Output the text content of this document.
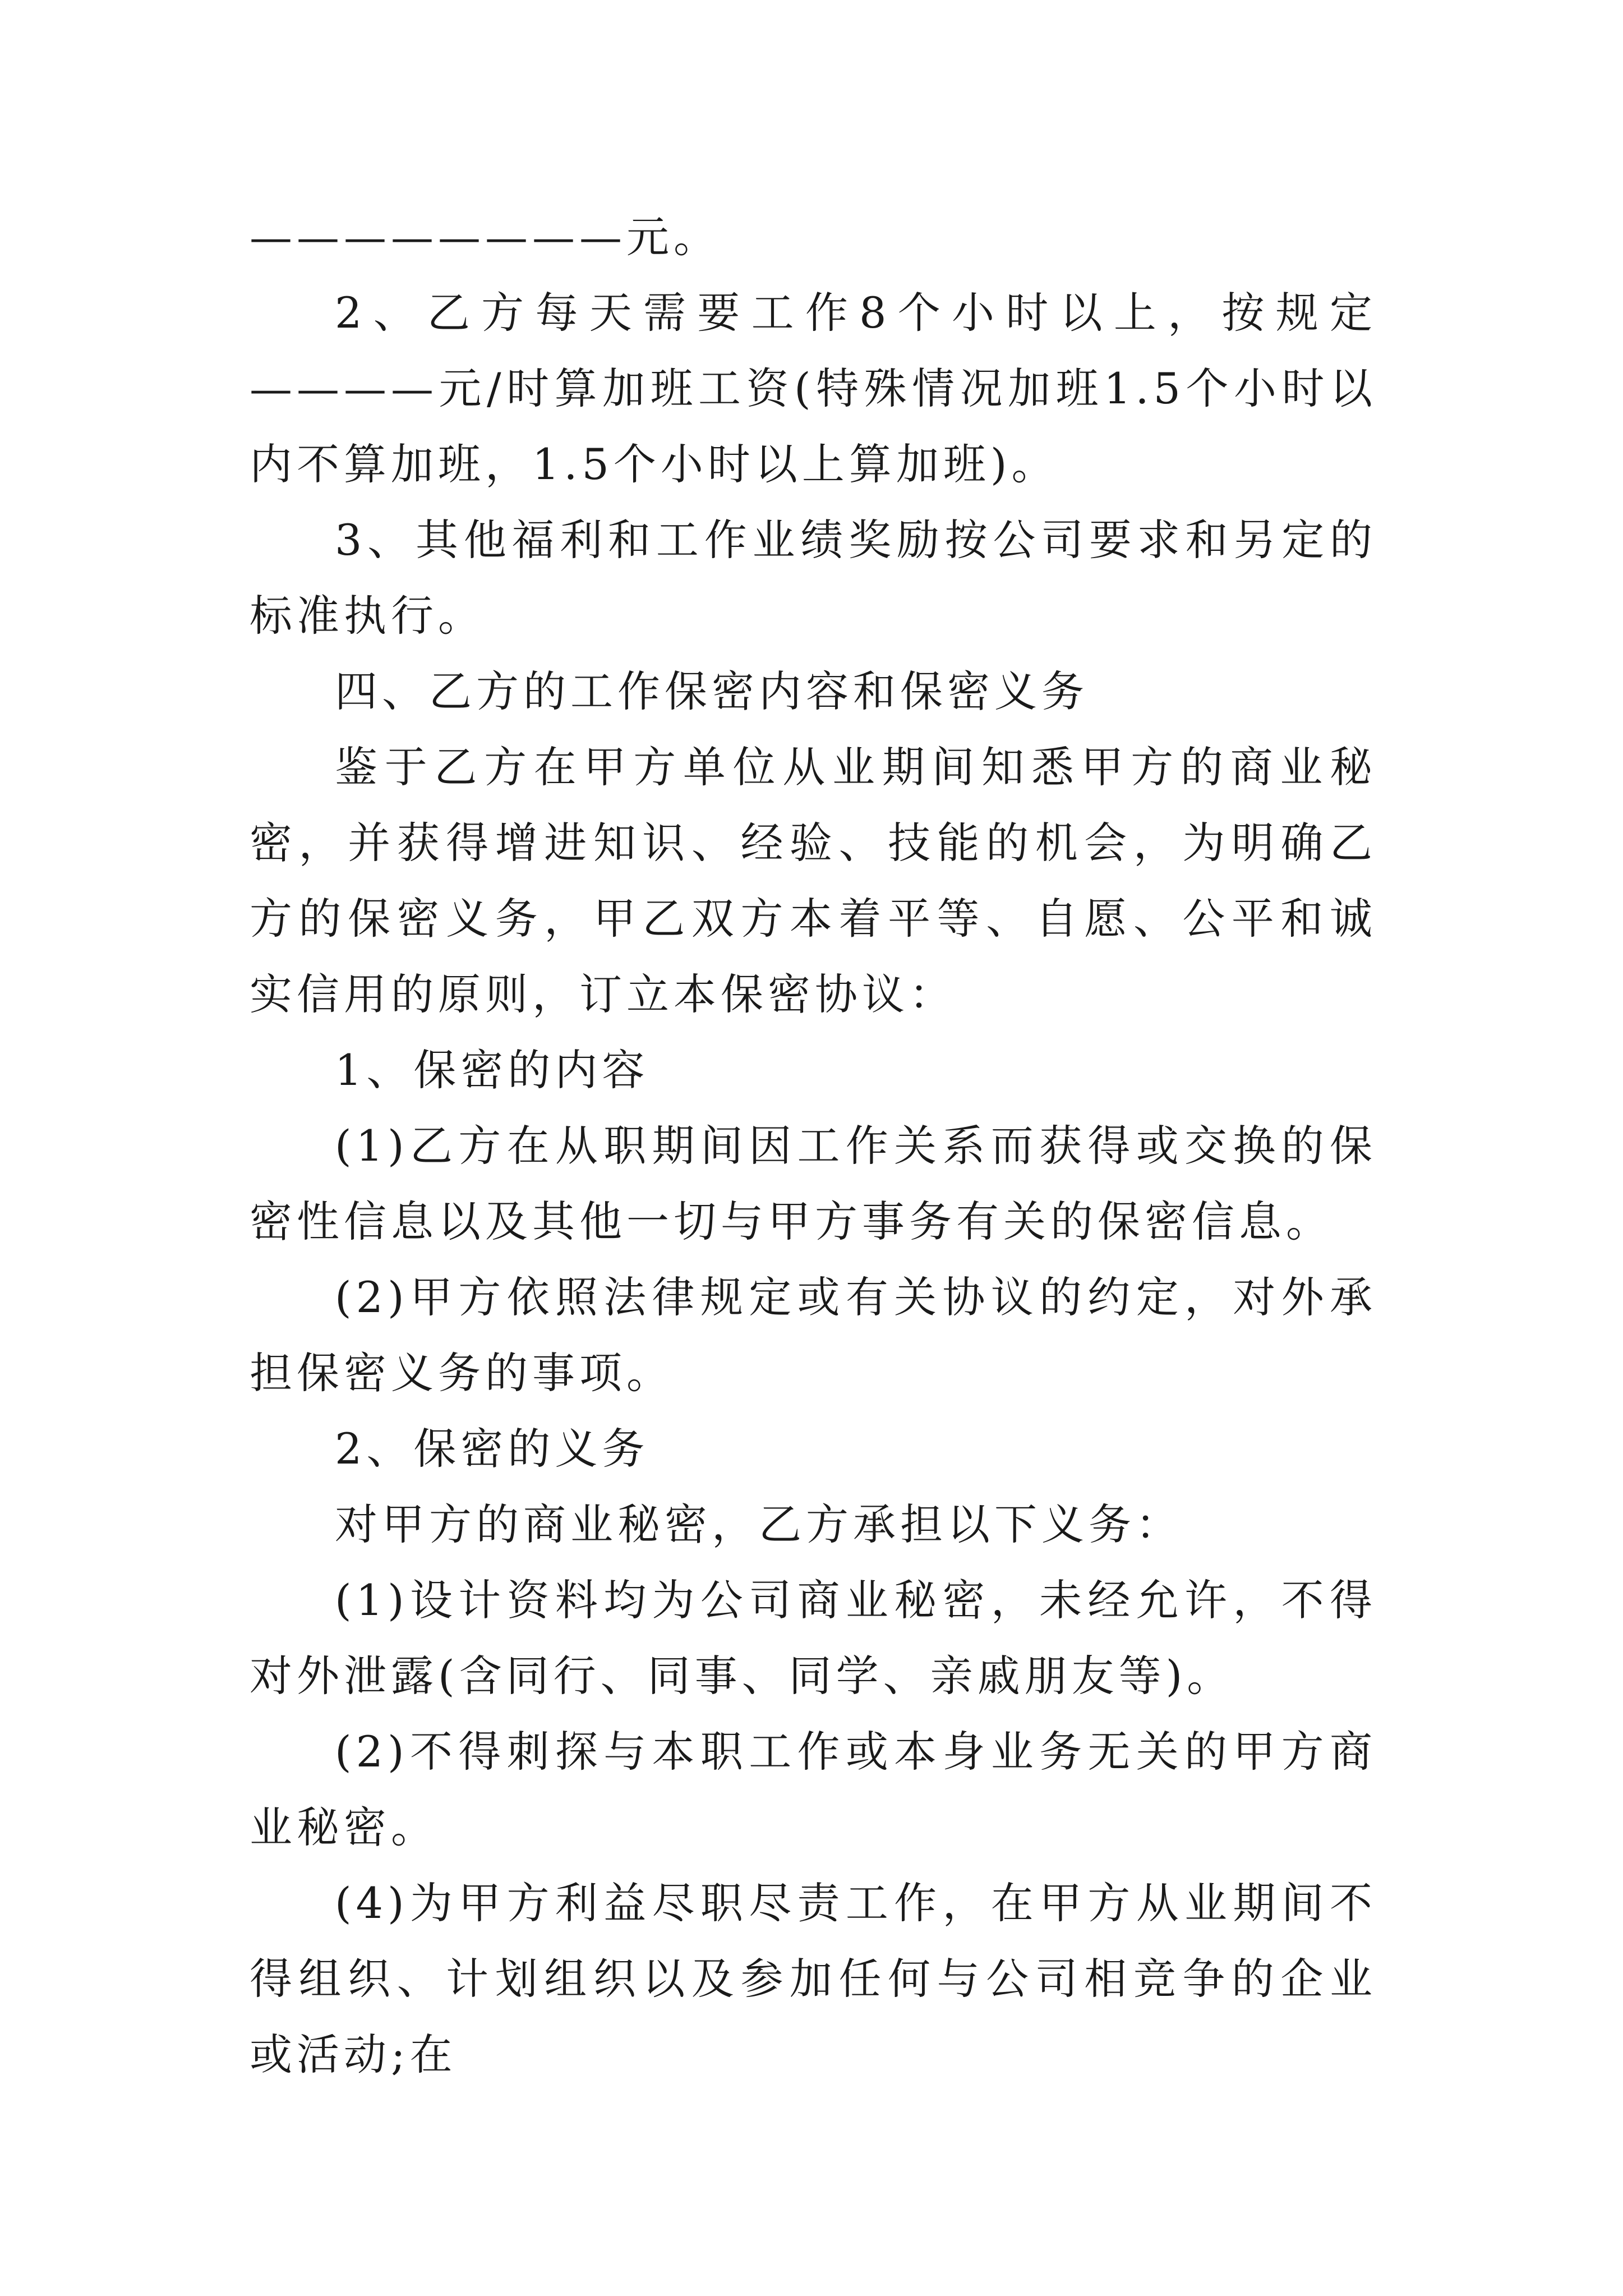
————————元。

2、乙方每天需要工作8个小时以上，按规定————元/时算加班工资(特殊情况加班1.5个小时以内不算加班，1.5个小时以上算加班)。

3、其他福利和工作业绩奖励按公司要求和另定的标准执行。

四、乙方的工作保密内容和保密义务

鉴于乙方在甲方单位从业期间知悉甲方的商业秘密，并获得增进知识、经验、技能的机会，为明确乙方的保密义务，甲乙双方本着平等、自愿、公平和诚实信用的原则，订立本保密协议：

1、保密的内容

(1)乙方在从职期间因工作关系而获得或交换的保密性信息以及其他一切与甲方事务有关的保密信息。

(2)甲方依照法律规定或有关协议的约定，对外承担保密义务的事项。

2、保密的义务

对甲方的商业秘密，乙方承担以下义务：

(1)设计资料均为公司商业秘密，未经允许，不得对外泄露(含同行、同事、同学、亲戚朋友等)。

(2)不得刺探与本职工作或本身业务无关的甲方商业秘密。

(4)为甲方利益尽职尽责工作，在甲方从业期间不得组织、计划组织以及参加任何与公司相竞争的企业或活动;在
